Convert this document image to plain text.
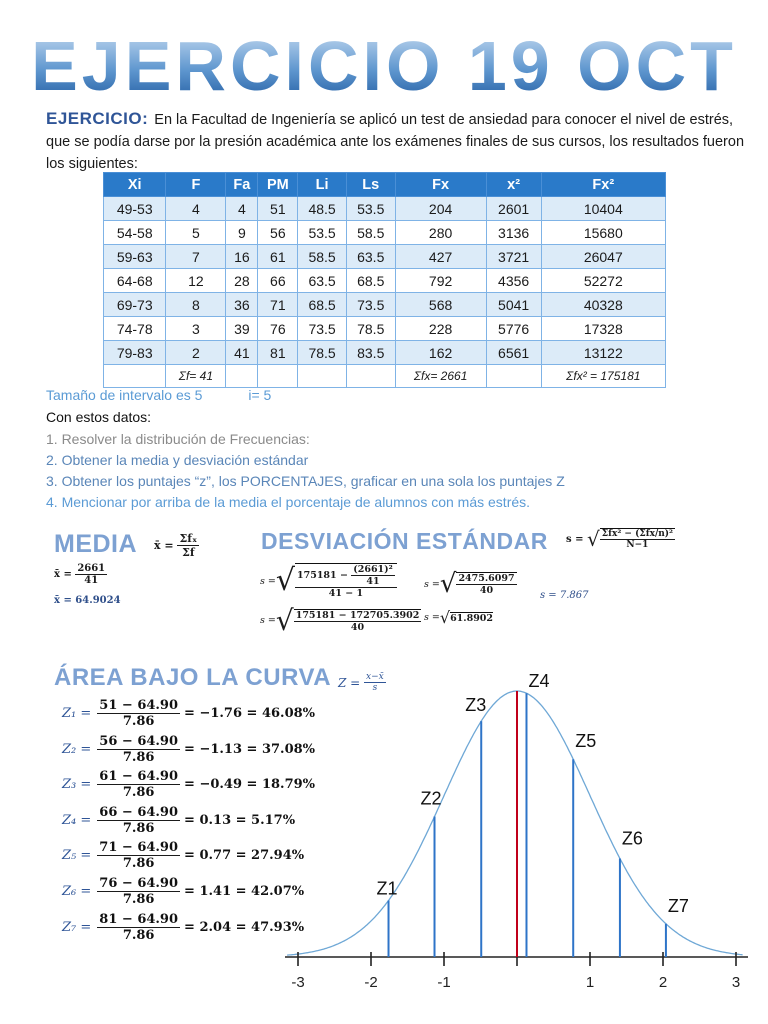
EJERCICIO 19 OCT
EJERCICIO: En la Facultad de Ingeniería se aplicó un test de ansiedad para conocer el nivel de estrés, que se podía darse por la presión académica ante los exámenes finales de sus cursos, los resultados fueron los siguientes:
Xi	F	Fa	PM	Li	Ls	Fx	x²	Fx²
49-53	4	4	51	48.5	53.5	204	2601	10404
54-58	5	9	56	53.5	58.5	280	3136	15680
59-63	7	16	61	58.5	63.5	427	3721	26047
64-68	12	28	66	63.5	68.5	792	4356	52272
69-73	8	36	71	68.5	73.5	568	5041	40328
74-78	3	39	76	73.5	78.5	228	5776	17328
79-83	2	41	81	78.5	83.5	162	6561	13122
	Σf= 41					Σfx= 2661		Σfx² = 175181
Tamaño de intervalo es 5	i= 5
Con estos datos:
1. Resolver la distribución de Frecuencias:
2. Obtener la media y desviación estándar
3. Obtener los puntajes “z”, los PORCENTAJES, graficar en una sola los puntajes Z
4. Mencionar por arriba de la media el porcentaje de alumnos con más estrés.
MEDIA x̄ =
$\frac{\text{Σfₓ}}{\Sigma f}$
x̄ =
$\frac{2661}{41}$
x̄ = 64.9024
DESVIACIÓN ESTÁNDAR s =
√ $\frac{\text{Σfx² − (Σfx/n)²}}{N-1}$
s = √ 175181 −
$\frac{\text{(2661)²}}{41}$
41 − 1	s = √ $\frac{2475.6097}{40}$ s = 7.867
s = √ $\frac{175181 - 172705.3902}{40}$ s = √ 61.8902
ÁREA BAJO LA CURVA Z =
$\frac{x-x̄}{s}$
$Z_1 = \frac{51 - 64.90}{7.86} = -1.76 = 46.08\%$
$Z_2 = \frac{56 - 64.90}{7.86} = -1.13 = 37.08\%$
$Z_3 = \frac{61 - 64.90}{7.86} = -0.49 = 18.79\%$
$Z_4 = \frac{66 - 64.90}{7.86} = 0.13 = 5.17\%$
$Z_5 = \frac{71 - 64.90}{7.86} = 0.77 = 27.94\%$
$Z_6 = \frac{76 - 64.90}{7.86} = 1.41 = 42.07\%$
$Z_7 = \frac{81 - 64.90}{7.86} = 2.04 = 47.93\%$
-3	-2	-1	1	2	3
Z1
Z2
Z3
Z4
Z5
Z6
Z7
